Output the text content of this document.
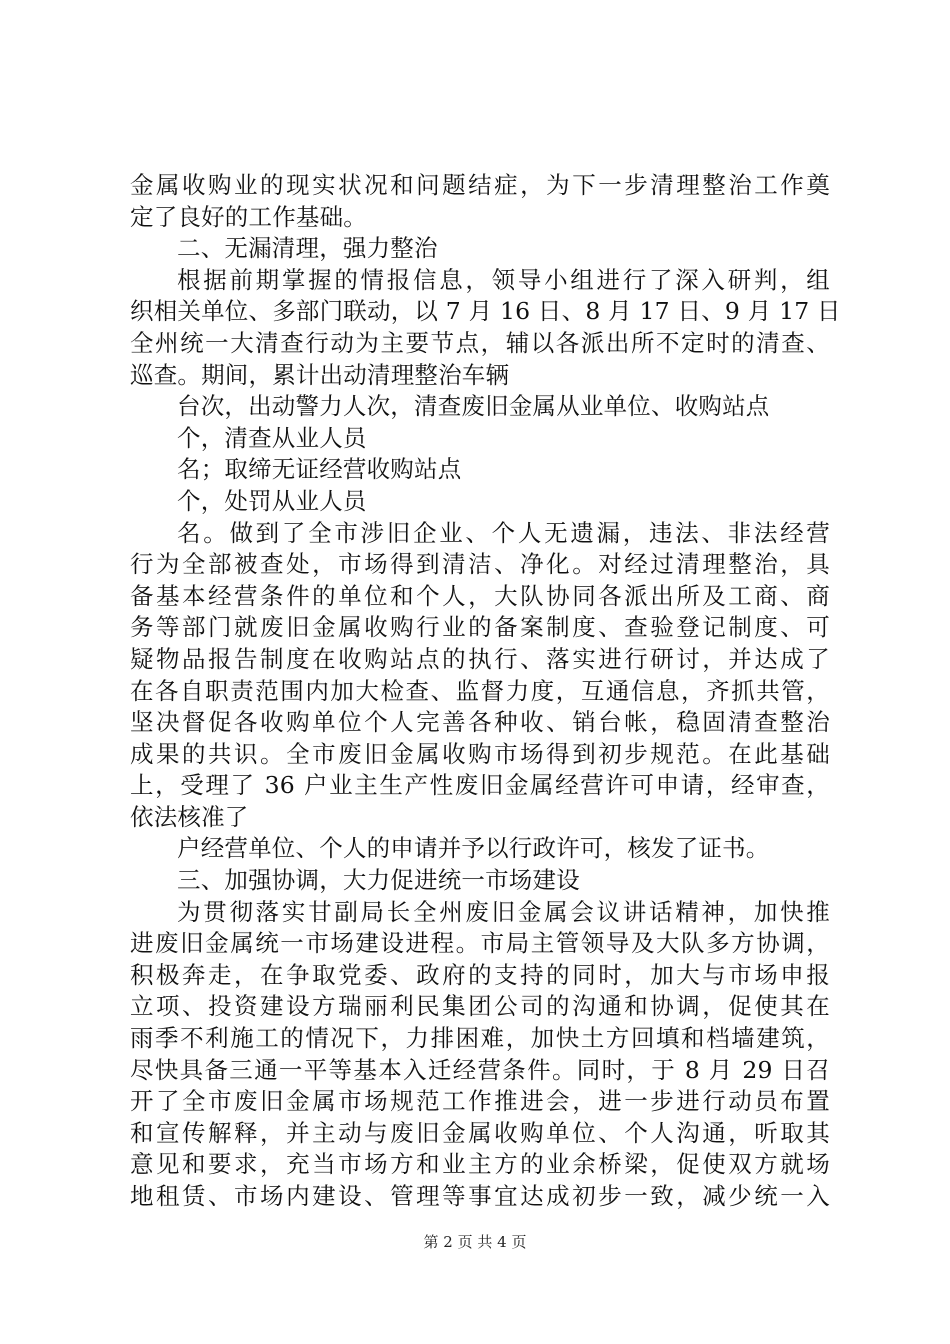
金属收购业的现实状况和问题结症，为下一步清理整治工作奠
定了良好的工作基础。
二、无漏清理，强力整治
根据前期掌握的情报信息，领导小组进行了深入研判，组
织相关单位、多部门联动，以 7 月 16 日、8 月 17 日、9 月 17 日
全州统一大清查行动为主要节点，辅以各派出所不定时的清查、
巡查。期间，累计出动清理整治车辆
台次，出动警力人次，清查废旧金属从业单位、收购站点
个，清查从业人员
名；取缔无证经营收购站点
个，处罚从业人员
名。做到了全市涉旧企业、个人无遗漏，违法、非法经营
行为全部被查处，市场得到清洁、净化。对经过清理整治，具
备基本经营条件的单位和个人，大队协同各派出所及工商、商
务等部门就废旧金属收购行业的备案制度、查验登记制度、可
疑物品报告制度在收购站点的执行、落实进行研讨，并达成了
在各自职责范围内加大检查、监督力度，互通信息，齐抓共管，
坚决督促各收购单位个人完善各种收、销台帐，稳固清查整治
成果的共识。全市废旧金属收购市场得到初步规范。在此基础
上，受理了 36 户业主生产性废旧金属经营许可申请，经审查，
依法核准了
户经营单位、个人的申请并予以行政许可，核发了证书。
三、加强协调，大力促进统一市场建设
为贯彻落实甘副局长全州废旧金属会议讲话精神，加快推
进废旧金属统一市场建设进程。市局主管领导及大队多方协调，
积极奔走，在争取党委、政府的支持的同时，加大与市场申报
立项、投资建设方瑞丽利民集团公司的沟通和协调，促使其在
雨季不利施工的情况下，力排困难，加快土方回填和档墙建筑，
尽快具备三通一平等基本入迁经营条件。同时，于 8 月 29 日召
开了全市废旧金属市场规范工作推进会，进一步进行动员布置
和宣传解释，并主动与废旧金属收购单位、个人沟通，听取其
意见和要求，充当市场方和业主方的业余桥梁，促使双方就场
地租赁、市场内建设、管理等事宜达成初步一致，减少统一入
第 2 页 共 4 页
